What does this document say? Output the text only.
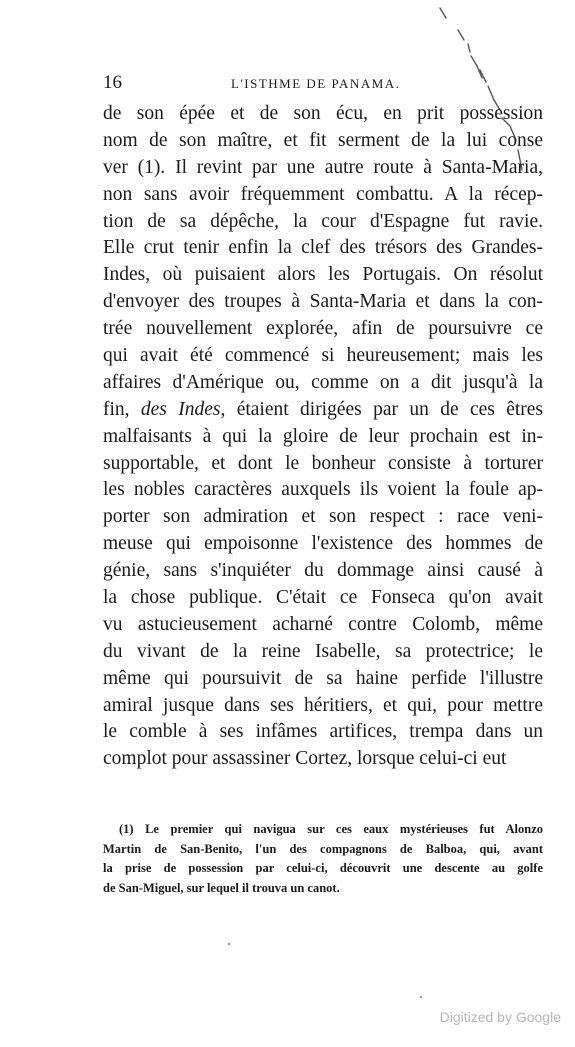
16	L'ISTHME DE PANAMA.
de son épée et de son écu, en prit possession
nom de son maître, et fit serment de la lui conse
ver (1). Il revint par une autre route à Santa-Maria,
non sans avoir fréquemment combattu. A la récep-
tion de sa dépêche, la cour d'Espagne fut ravie.
Elle crut tenir enfin la clef des trésors des Grandes-
Indes, où puisaient alors les Portugais. On résolut
d'envoyer des troupes à Santa-Maria et dans la con-
trée nouvellement explorée, afin de poursuivre ce
qui avait été commencé si heureusement; mais les
affaires d'Amérique ou, comme on a dit jusqu'à la
fin, des Indes, étaient dirigées par un de ces êtres
malfaisants à qui la gloire de leur prochain est in-
supportable, et dont le bonheur consiste à torturer
les nobles caractères auxquels ils voient la foule ap-
porter son admiration et son respect : race veni-
meuse qui empoisonne l'existence des hommes de
génie, sans s'inquiéter du dommage ainsi causé à
la chose publique. C'était ce Fonseca qu'on avait
vu astucieusement acharné contre Colomb, même
du vivant de la reine Isabelle, sa protectrice; le
même qui poursuivit de sa haine perfide l'illustre
amiral jusque dans ses héritiers, et qui, pour mettre
le comble à ses infâmes artifices, trempa dans un
complot pour assassiner Cortez, lorsque celui-ci eut
(1) Le premier qui navigua sur ces eaux mystérieuses fut Alonzo
Martin de San-Benito, l'un des compagnons de Balboa, qui, avant
la prise de possession par celui-ci, découvrit une descente au golfe
de San-Miguel, sur lequel il trouva un canot.
Digitized by Google
